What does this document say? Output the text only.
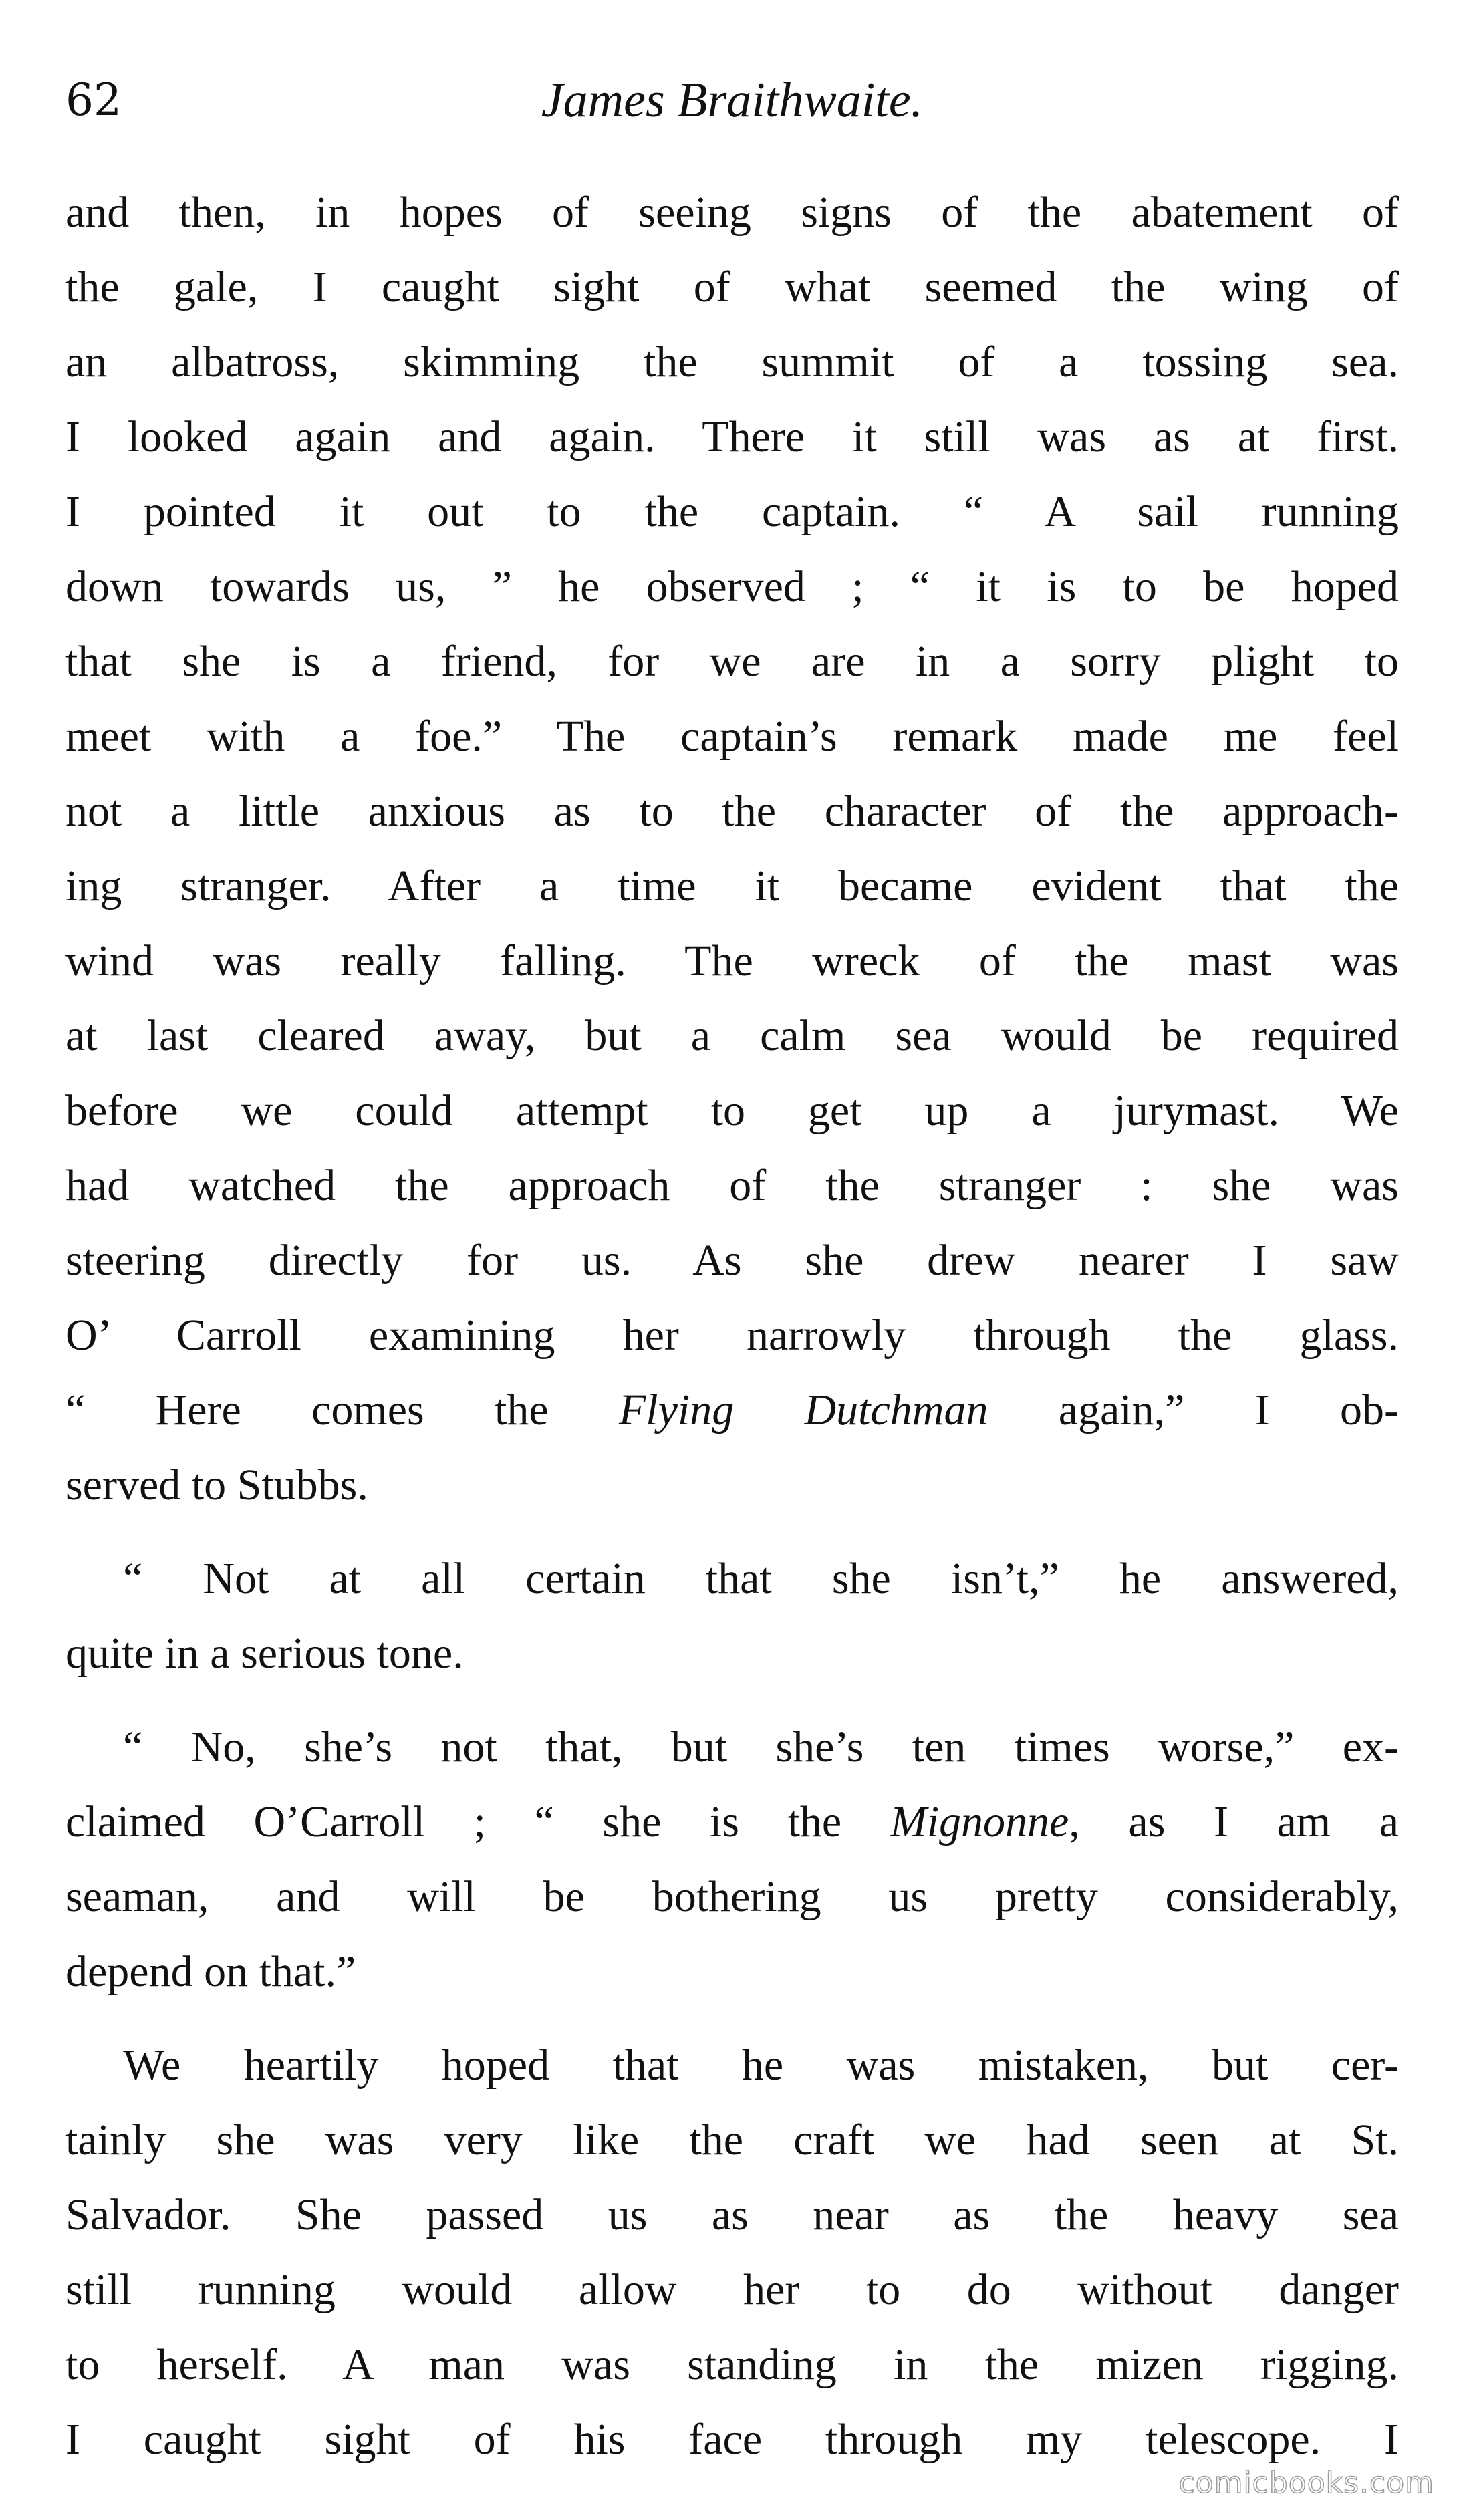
62	James Braithwaite.
and then, in hopes of seeing signs of the abatement of
the gale, I caught sight of what seemed the wing of
an albatross, skimming the summit of a tossing sea.
I looked again and again. There it still was as at first.
I pointed it out to the captain. “ A sail running
down towards us, ” he observed ; “ it is to be hoped
that she is a friend, for we are in a sorry plight to
meet with a foe.” The captain’s remark made me feel
not a little anxious as to the character of the approach-
ing stranger. After a time it became evident that the
wind was really falling. The wreck of the mast was
at last cleared away, but a calm sea would be required
before we could attempt to get up a jurymast. We
had watched the approach of the stranger : she was
steering directly for us. As she drew nearer I saw
O’ Carroll examining her narrowly through the glass.
“ Here comes the Flying Dutchman again,” I ob-
served to Stubbs.
“ Not at all certain that she isn’t,” he answered,
quite in a serious tone.
“ No, she’s not that, but she’s ten times worse,” ex-
claimed O’Carroll ; “ she is the Mignonne, as I am a
seaman, and will be bothering us pretty considerably,
depend on that.”
We heartily hoped that he was mistaken, but cer-
tainly she was very like the craft we had seen at St.
Salvador. She passed us as near as the heavy sea
still running would allow her to do without danger
to herself. A man was standing in the mizen rigging.
I caught sight of his face through my telescope. I
comicbooks.com
